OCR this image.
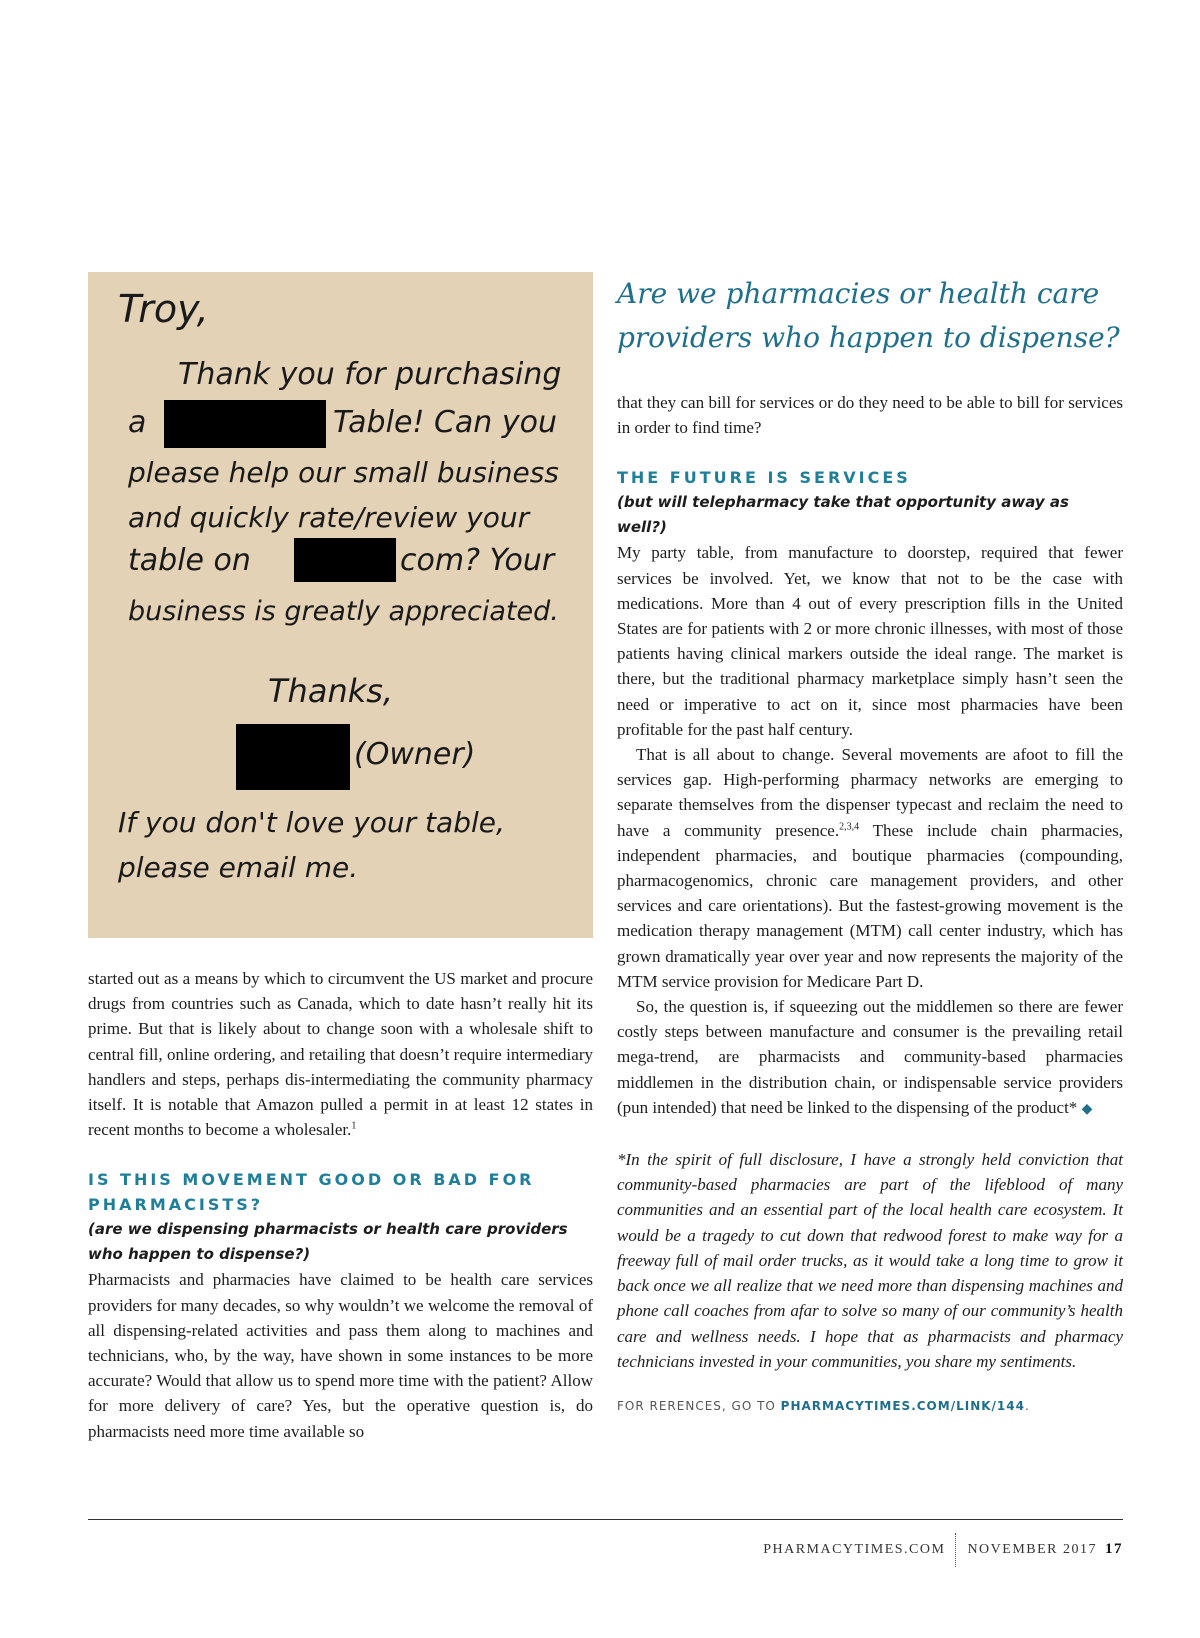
Troy,
Thank you for purchasing
a	Table! Can you
please help our small business
and quickly rate/review your
table on	com? Your
business is greatly appreciated.
Thanks,
(Owner)
If you don't love your table,
please email me.

started out as a means by which to circumvent the US market and procure drugs from countries such as Canada, which to date hasn’t really hit its prime. But that is likely about to change soon with a wholesale shift to central fill, online ordering, and retailing that doesn’t require intermediary handlers and steps, perhaps dis-intermediating the community pharmacy itself. It is notable that Amazon pulled a permit in at least 12 states in recent months to become a wholesaler.$^1$

IS THIS MOVEMENT GOOD OR BAD FOR PHARMACISTS?

(are we dispensing pharmacists or health care providers who happen to dispense?)

Pharmacists and pharmacies have claimed to be health care services providers for many decades, so why wouldn’t we welcome the removal of all dispensing-related activities and pass them along to machines and technicians, who, by the way, have shown in some instances to be more accurate? Would that allow us to spend more time with the patient? Allow for more delivery of care? Yes, but the operative question is, do pharmacists need more time available so

Are we pharmacies or health care providers who happen to dispense?

that they can bill for services or do they need to be able to bill for services in order to find time?

THE FUTURE IS SERVICES

(but will telepharmacy take that opportunity away as well?)

My party table, from manufacture to doorstep, required that fewer services be involved. Yet, we know that not to be the case with medications. More than 4 out of every prescription fills in the United States are for patients with 2 or more chronic illnesses, with most of those patients having clinical markers outside the ideal range. The market is there, but the traditional pharmacy marketplace simply hasn’t seen the need or imperative to act on it, since most pharmacies have been profitable for the past half century.

That is all about to change. Several movements are afoot to fill the services gap. High-performing pharmacy networks are emerging to separate themselves from the dispenser typecast and reclaim the need to have a community presence.$^{2,3,4}$ These include chain pharmacies, independent pharmacies, and boutique pharmacies (compounding, pharmacogenomics, chronic care management providers, and other services and care orientations). But the fastest-growing movement is the medication therapy management (MTM) call center industry, which has grown dramatically year over year and now represents the majority of the MTM service provision for Medicare Part D.

So, the question is, if squeezing out the middlemen so there are fewer costly steps between manufacture and consumer is the prevailing retail mega-trend, are pharmacists and community-based pharmacies middlemen in the distribution chain, or indispensable service providers (pun intended) that need be linked to the dispensing of the product* ◆

*In the spirit of full disclosure, I have a strongly held conviction that community-based pharmacies are part of the lifeblood of many communities and an essential part of the local health care ecosystem. It would be a tragedy to cut down that redwood forest to make way for a freeway full of mail order trucks, as it would take a long time to grow it back once we all realize that we need more than dispensing machines and phone call coaches from afar to solve so many of our community’s health care and wellness needs. I hope that as pharmacists and pharmacy technicians invested in your communities, you share my sentiments.

FOR RERENCES, GO TO PHARMACYTIMES.COM/LINK/144.

PHARMACYTIMES.COM NOVEMBER 2017 17
